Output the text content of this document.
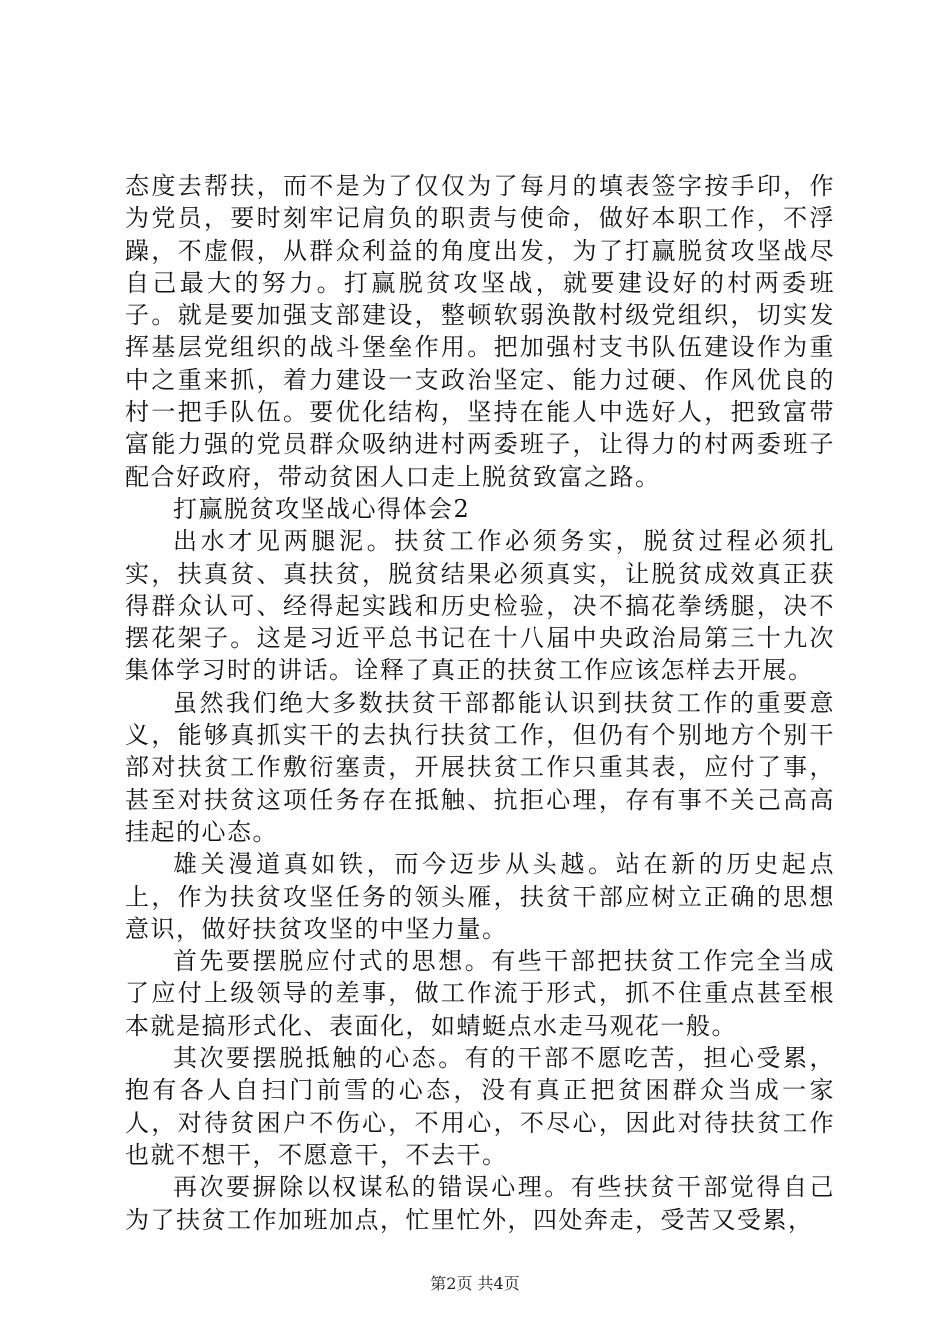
态度去帮扶，而不是为了仅仅为了每月的填表签字按手印，作为党员，要时刻牢记肩负的职责与使命，做好本职工作，不浮躁，不虚假，从群众利益的角度出发，为了打赢脱贫攻坚战尽自己最大的努力。打赢脱贫攻坚战，就要建设好的村两委班子。就是要加强支部建设，整顿软弱涣散村级党组织，切实发挥基层党组织的战斗堡垒作用。把加强村支书队伍建设作为重中之重来抓，着力建设一支政治坚定、能力过硬、作风优良的村一把手队伍。要优化结构，坚持在能人中选好人，把致富带富能力强的党员群众吸纳进村两委班子，让得力的村两委班子配合好政府，带动贫困人口走上脱贫致富之路。

打赢脱贫攻坚战心得体会2

出水才见两腿泥。扶贫工作必须务实，脱贫过程必须扎实，扶真贫、真扶贫，脱贫结果必须真实，让脱贫成效真正获得群众认可、经得起实践和历史检验，决不搞花拳绣腿，决不摆花架子。这是习近平总书记在十八届中央政治局第三十九次集体学习时的讲话。诠释了真正的扶贫工作应该怎样去开展。

虽然我们绝大多数扶贫干部都能认识到扶贫工作的重要意义，能够真抓实干的去执行扶贫工作，但仍有个别地方个别干部对扶贫工作敷衍塞责，开展扶贫工作只重其表，应付了事，甚至对扶贫这项任务存在抵触、抗拒心理，存有事不关己高高挂起的心态。

雄关漫道真如铁，而今迈步从头越。站在新的历史起点上，作为扶贫攻坚任务的领头雁，扶贫干部应树立正确的思想意识，做好扶贫攻坚的中坚力量。

首先要摆脱应付式的思想。有些干部把扶贫工作完全当成了应付上级领导的差事，做工作流于形式，抓不住重点甚至根本就是搞形式化、表面化，如蜻蜓点水走马观花一般。

其次要摆脱抵触的心态。有的干部不愿吃苦，担心受累，抱有各人自扫门前雪的心态，没有真正把贫困群众当成一家人，对待贫困户不伤心，不用心，不尽心，因此对待扶贫工作也就不想干，不愿意干，不去干。

再次要摒除以权谋私的错误心理。有些扶贫干部觉得自己为了扶贫工作加班加点，忙里忙外，四处奔走，受苦又受累，

第2页 共4页
